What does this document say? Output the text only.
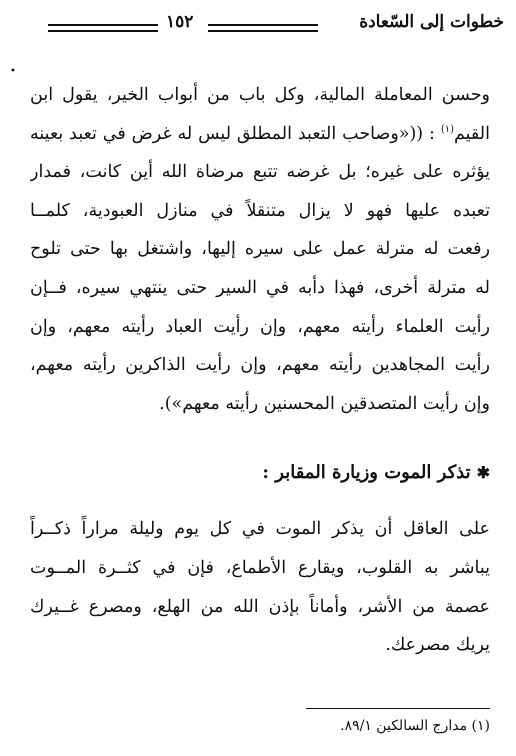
خطوات إلى السّعادة
١٥٢
•
وحسن المعاملة المالية، وكل باب من أبواب الخير، يقول ابن
القيم$^{(١)}$ : ((«وصاحب التعبد المطلق ليس له غرض في تعبد بعينه
يؤثره على غيره؛ بل غرضه تتبع مرضاة الله أين كانت، فمدار
تعبده عليها فهو لا يزال متنقلاً في منازل العبودية، كلمــا
رفعت له مترلة عمل على سيره إليها، واشتغل بها حتى تلوح
له مترلة أخرى، فهذا دأبه في السير حتى ينتهي سيره، فــإن
رأيت العلماء رأيته معهم، وإن رأيت العباد رأيته معهم، وإن
رأيت المجاهدين رأيته معهم، وإن رأيت الذاكرين رأيته معهم،
وإن رأيت المتصدقين المحسنين رأيته معهم»).
✱تذكر الموت وزيارة المقابر :
على العاقل أن يذكر الموت في كل يوم وليلة مراراً ذكــراً
يباشر به القلوب، ويقارع الأطماع، فإن في كثــرة المــوت
عصمة من الأشر، وأماناً بإذن الله من الهلع، ومصرع غــيرك
يريك مصرعك.
(١) مدارج السالكين ٨٩/١.
